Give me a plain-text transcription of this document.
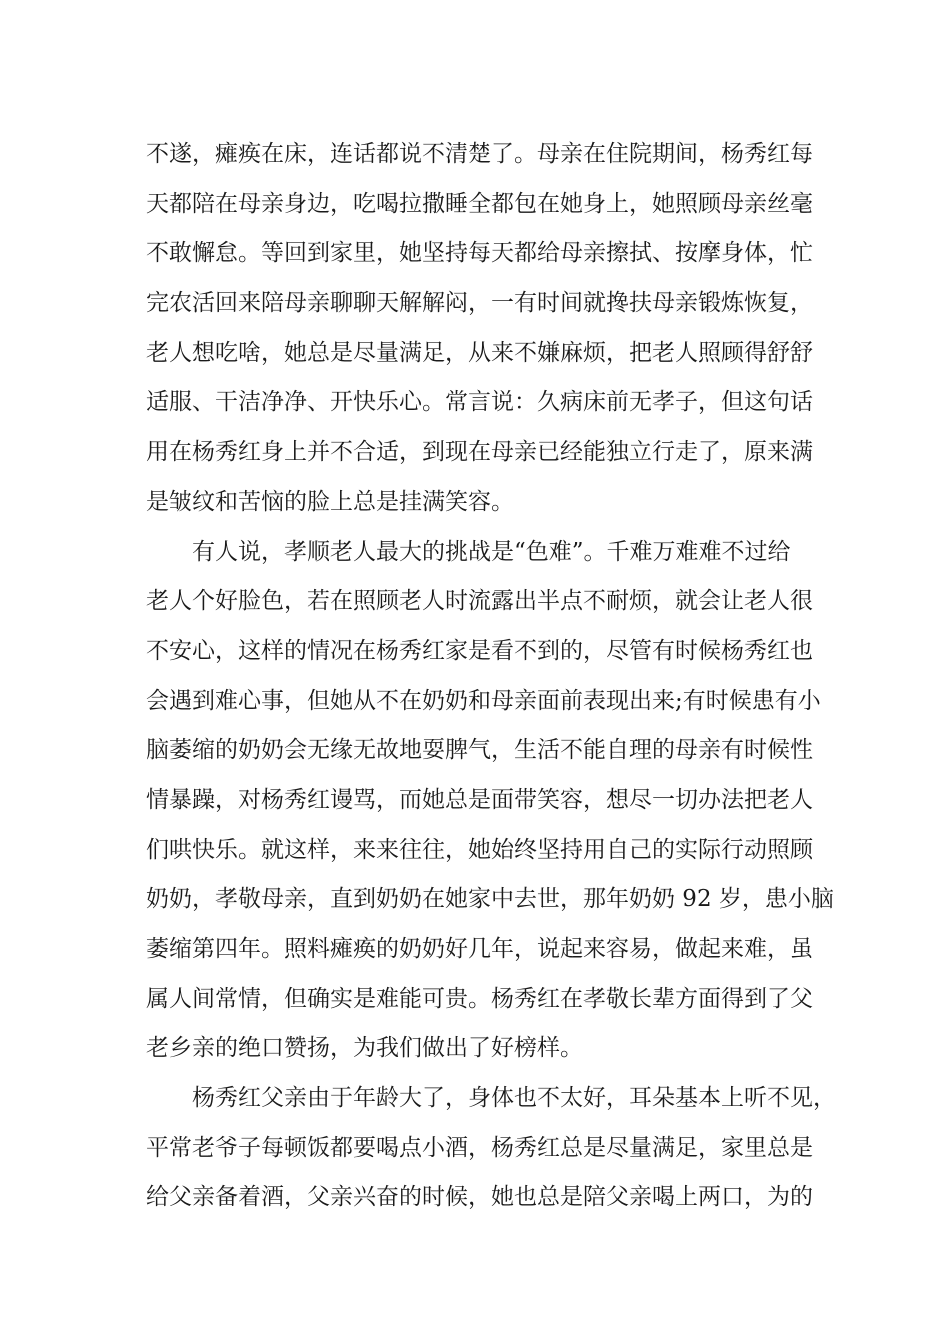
不遂，瘫痪在床，连话都说不清楚了。母亲在住院期间，杨秀红每
天都陪在母亲身边，吃喝拉撒睡全都包在她身上，她照顾母亲丝毫
不敢懈怠。等回到家里，她坚持每天都给母亲擦拭、按摩身体，忙
完农活回来陪母亲聊聊天解解闷，一有时间就搀扶母亲锻炼恢复，
老人想吃啥，她总是尽量满足，从来不嫌麻烦，把老人照顾得舒舒
适服、干洁净净、开快乐心。常言说：久病床前无孝子，但这句话
用在杨秀红身上并不合适，到现在母亲已经能独立行走了，原来满
是皱纹和苦恼的脸上总是挂满笑容。
有人说，孝顺老人最大的挑战是“色难”。千难万难难不过给
老人个好脸色，若在照顾老人时流露出半点不耐烦，就会让老人很
不安心，这样的情况在杨秀红家是看不到的，尽管有时候杨秀红也
会遇到难心事，但她从不在奶奶和母亲面前表现出来;有时候患有小
脑萎缩的奶奶会无缘无故地耍脾气，生活不能自理的母亲有时候性
情暴躁，对杨秀红谩骂，而她总是面带笑容，想尽一切办法把老人
们哄快乐。就这样，来来往往，她始终坚持用自己的实际行动照顾
奶奶，孝敬母亲，直到奶奶在她家中去世，那年奶奶 92 岁，患小脑
萎缩第四年。照料瘫痪的奶奶好几年，说起来容易，做起来难，虽
属人间常情，但确实是难能可贵。杨秀红在孝敬长辈方面得到了父
老乡亲的绝口赞扬，为我们做出了好榜样。
杨秀红父亲由于年龄大了，身体也不太好，耳朵基本上听不见，
平常老爷子每顿饭都要喝点小酒，杨秀红总是尽量满足，家里总是
给父亲备着酒，父亲兴奋的时候，她也总是陪父亲喝上两口，为的
